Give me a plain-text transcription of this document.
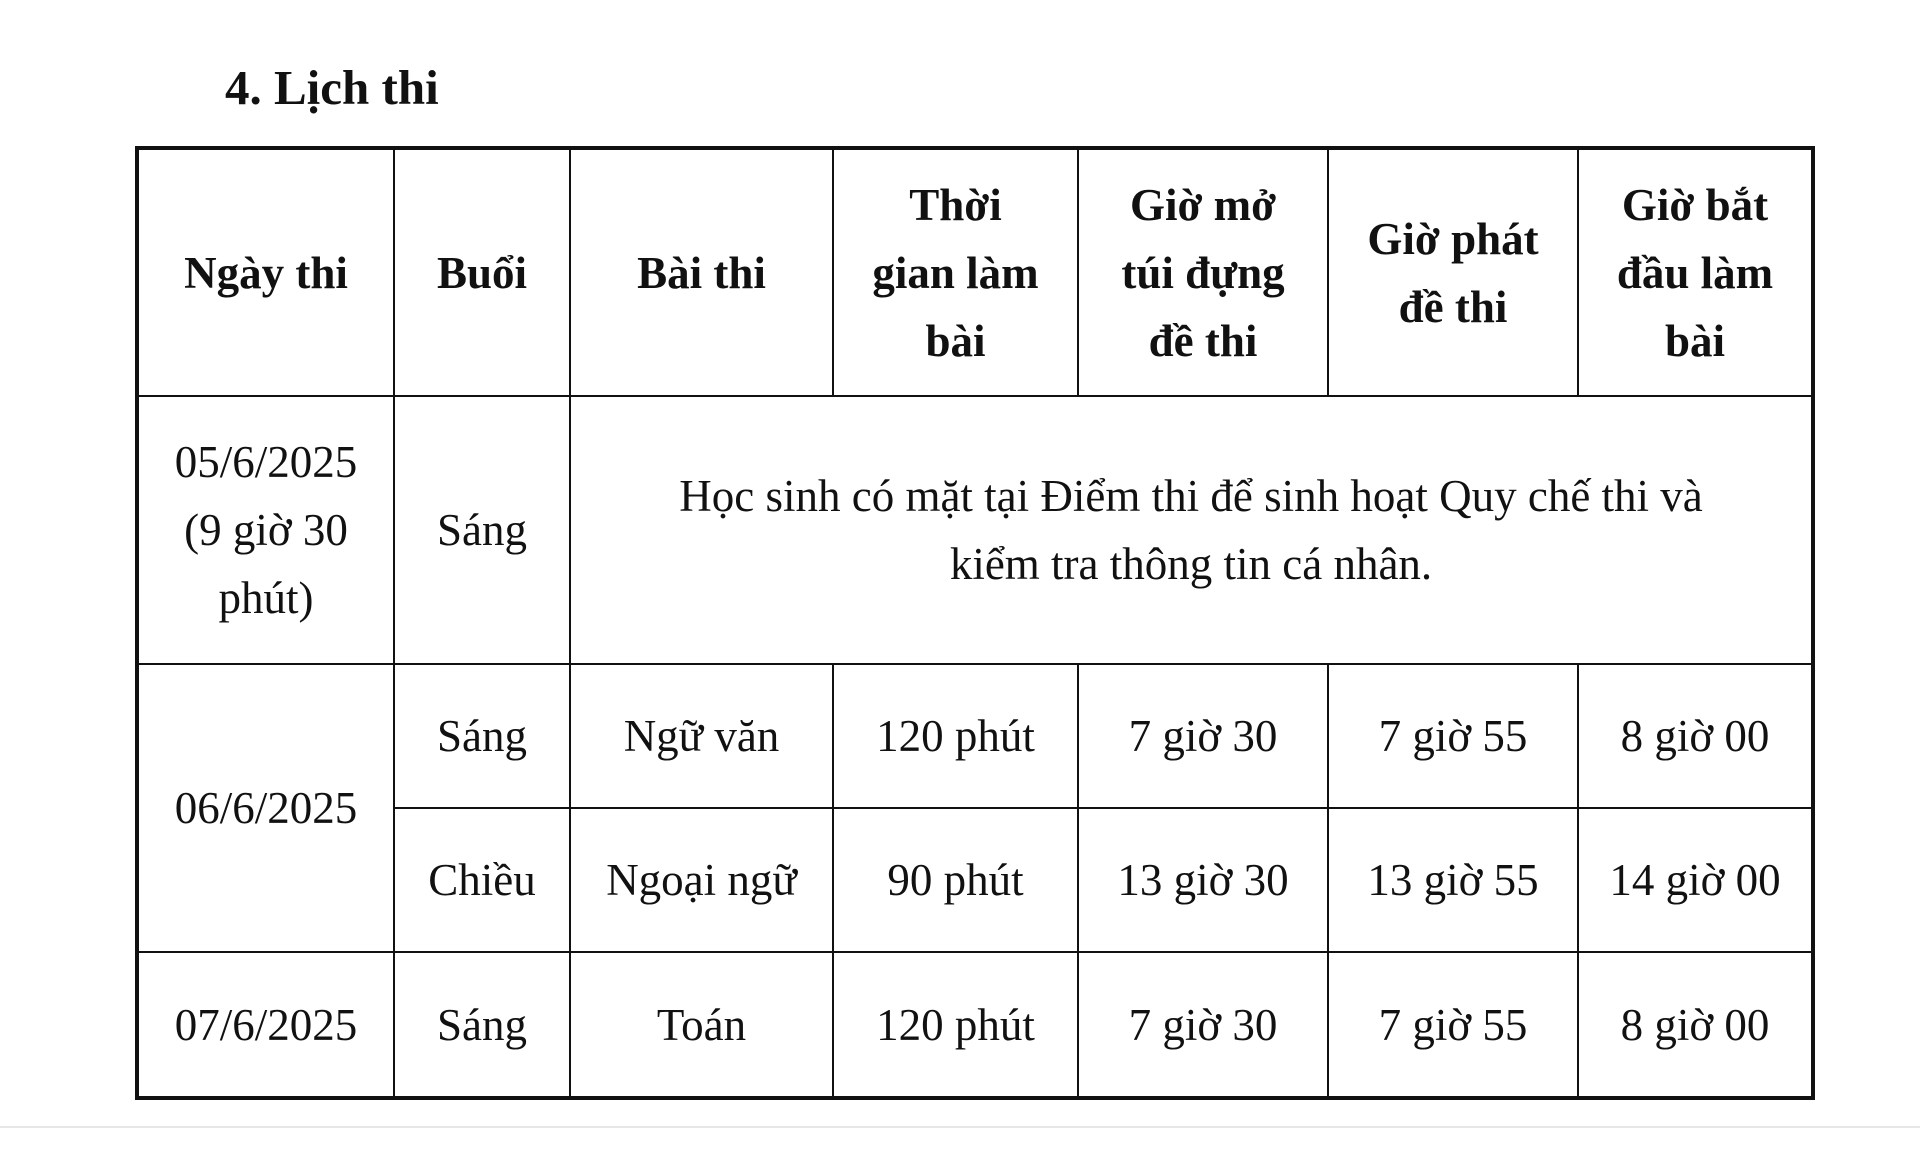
4. Lịch thi
Ngày thi	Buổi	Bài thi	Thời
gian làm
bài	Giờ mở
túi đựng
đề thi	Giờ phát
đề thi	Giờ bắt
đầu làm
bài

05/6/2025
(9 giờ 30
phút)	Sáng	Học sinh có mặt tại Điểm thi để sinh hoạt Quy chế thi và kiểm tra thông tin cá nhân.				
06/6/2025	Sáng	Ngữ văn	120 phút	7 giờ 30	7 giờ 55	8 giờ 00
	Chiều	Ngoại ngữ	90 phút	13 giờ 30	13 giờ 55	14 giờ 00
07/6/2025	Sáng	Toán	120 phút	7 giờ 30	7 giờ 55	8 giờ 00
